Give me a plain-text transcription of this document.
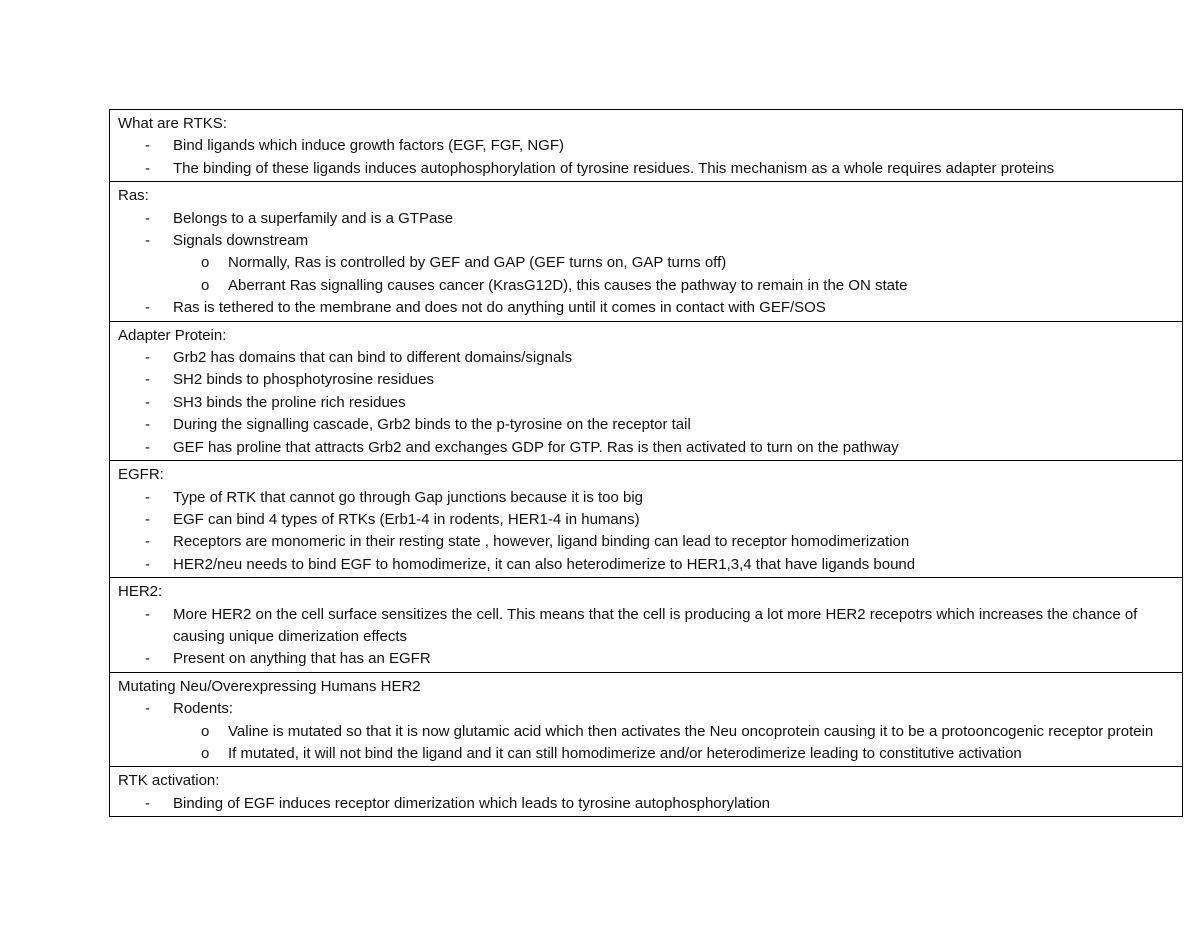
What are RTKS:
-	Bind ligands which induce growth factors (EGF, FGF, NGF)
-	The binding of these ligands induces autophosphorylation of tyrosine residues. This mechanism as a whole requires adapter proteins

Ras:
-	Belongs to a superfamily and is a GTPase
-	Signals downstream
o Normally, Ras is controlled by GEF and GAP (GEF turns on, GAP turns off)
o Aberrant Ras signalling causes cancer (KrasG12D), this causes the pathway to remain in the ON state
-	Ras is tethered to the membrane and does not do anything until it comes in contact with GEF/SOS

Adapter Protein:
-	Grb2 has domains that can bind to different domains/signals
-	SH2 binds to phosphotyrosine residues
-	SH3 binds the proline rich residues
-	During the signalling cascade, Grb2 binds to the p-tyrosine on the receptor tail
-	GEF has proline that attracts Grb2 and exchanges GDP for GTP. Ras is then activated to turn on the pathway

EGFR:
-	Type of RTK that cannot go through Gap junctions because it is too big
-	EGF can bind 4 types of RTKs (Erb1-4 in rodents, HER1-4 in humans)
-	Receptors are monomeric in their resting state , however, ligand binding can lead to receptor homodimerization
-	HER2/neu needs to bind EGF to homodimerize, it can also heterodimerize to HER1,3,4 that have ligands bound

HER2:
-	More HER2 on the cell surface sensitizes the cell. This means that the cell is producing a lot more HER2 recepotrs which increases the chance of causing unique dimerization effects
-	Present on anything that has an EGFR

Mutating Neu/Overexpressing Humans HER2
-	Rodents:
o Valine is mutated so that it is now glutamic acid which then activates the Neu oncoprotein causing it to be a protooncogenic receptor protein
o If mutated, it will not bind the ligand and it can still homodimerize and/or heterodimerize leading to constitutive activation

RTK activation:
-	Binding of EGF induces receptor dimerization which leads to tyrosine autophosphorylation
